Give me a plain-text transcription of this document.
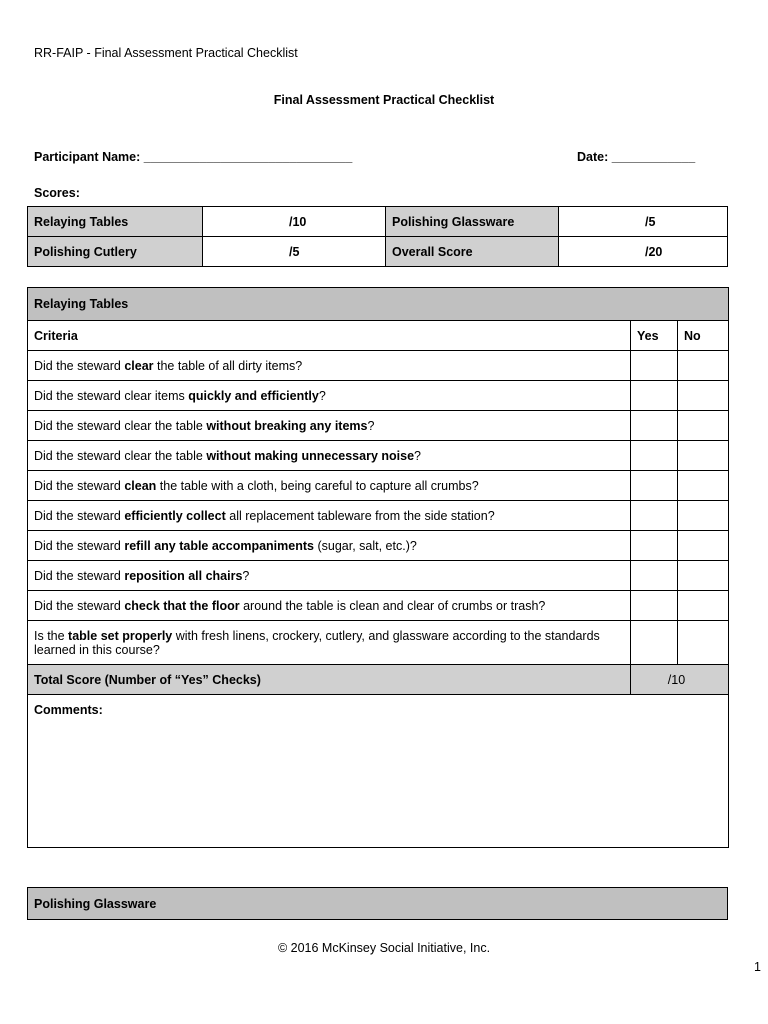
RR-FAIP - Final Assessment Practical Checklist
Final Assessment Practical Checklist
Participant Name: ______________________________	Date: ____________
Scores:
Relaying Tables	/10	Polishing Glassware	/5
Polishing Cutlery	/5	Overall Score	/20
Relaying Tables		
Criteria	Yes	No
Did the steward clear the table of all dirty items?		
Did the steward clear items quickly and efficiently?		
Did the steward clear the table without breaking any items?		
Did the steward clear the table without making unnecessary noise?		
Did the steward clean the table with a cloth, being careful to capture all crumbs?		
Did the steward efficiently collect all replacement tableware from the side station?		
Did the steward refill any table accompaniments (sugar, salt, etc.)?		
Did the steward reposition all chairs?		
Did the steward check that the floor around the table is clean and clear of crumbs or trash?		
Is the table set properly with fresh linens, crockery, cutlery, and glassware according to the standards learned in this course?		
Total Score (Number of “Yes” Checks)	/10	
Comments:		
Polishing Glassware
© 2016 McKinsey Social Initiative, Inc.
1
